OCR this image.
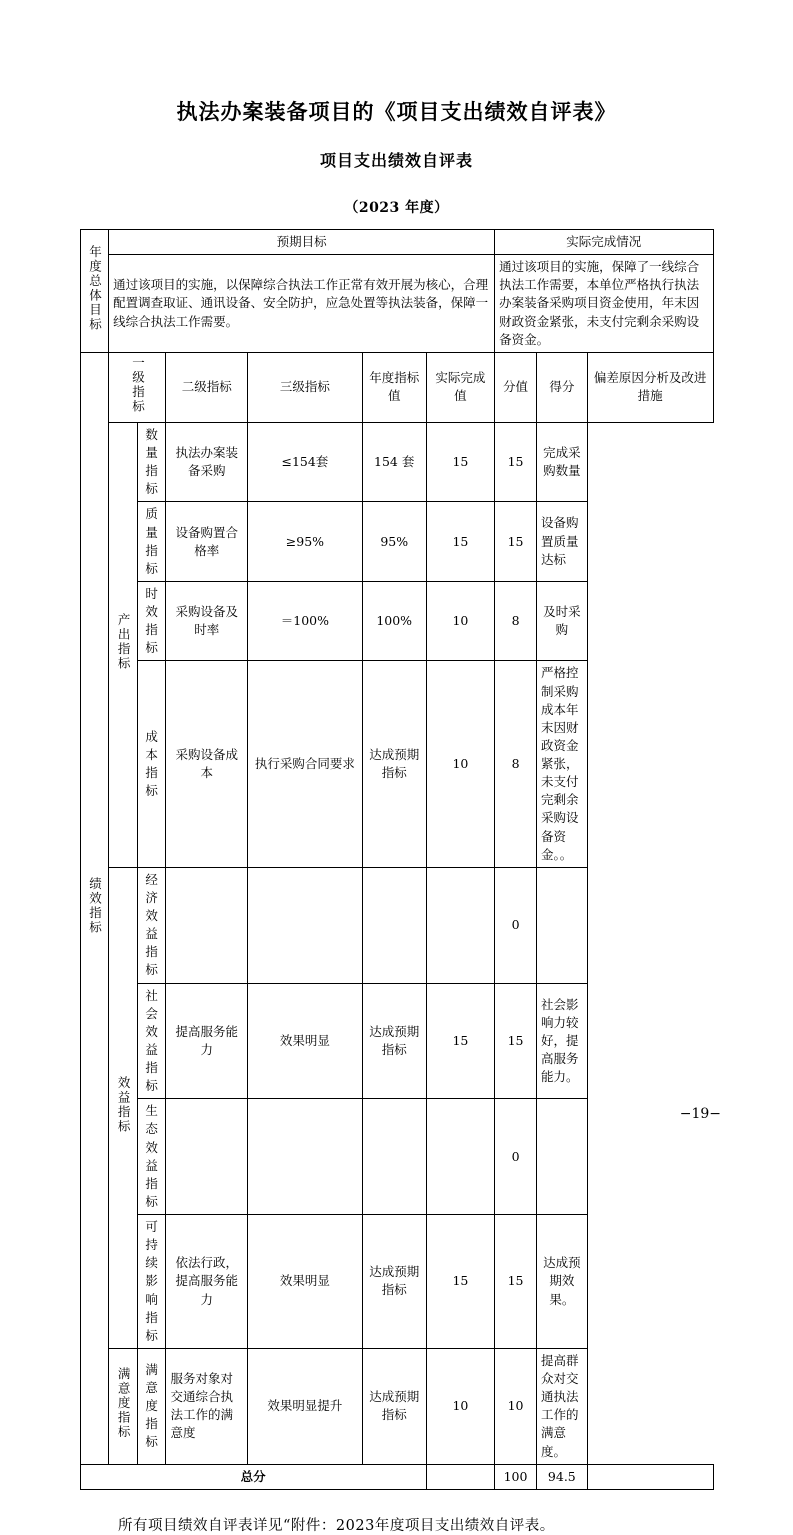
执法办案装备项目的《项目支出绩效自评表》
项目支出绩效自评表
（2023 年度）
年度总体目标	预期目标						实际完成情况		
	通过该项目的实施，以保障综合执法工作正常有效开展为核心，合理配置调查取证、通讯设备、安全防护，应急处置等执法装备，保障一线综合执法工作需要。						通过该项目的实施，保障了一线综合执法工作需要，本单位严格执行执法办案装备采购项目资金使用，年末因财政资金紧张，未支付完剩余采购设备资金。		
绩效指标	一级指标		二级指标	三级指标	年度指标值	实际完成值	分值	得分	偏差原因分析及改进措施
	产出指标	数量指标	执法办案装备采购	≤154套	154 套	15	15	完成采购数量	
		质量指标	设备购置合格率	≥95%	95%	15	15	设备购置质量达标	
		时效指标	采购设备及时率	＝100%	100%	10	8	及时采购	
		成本指标	采购设备成本	执行采购合同要求	达成预期指标	10	8	严格控制采购成本年末因财政资金紧张，未支付完剩余采购设备资金。。	
	效益指标	经济效益指标					0		
		社会效益指标	提高服务能力	效果明显	达成预期指标	15	15	社会影响力较好，提高服务能力。	
		生态效益指标					0		
		可持续影响指标	依法行政，提高服务能力	效果明显	达成预期指标	15	15	达成预期效果。	
	满意度指标	满意度指标	服务对象对交通综合执法工作的满意度	效果明显提升	达成预期指标	10	10	提高群众对交通执法工作的满意度。	
总分							100	94.5	
所有项目绩效自评表详见“附件：2023年度项目支出绩效自评表。
−19−
